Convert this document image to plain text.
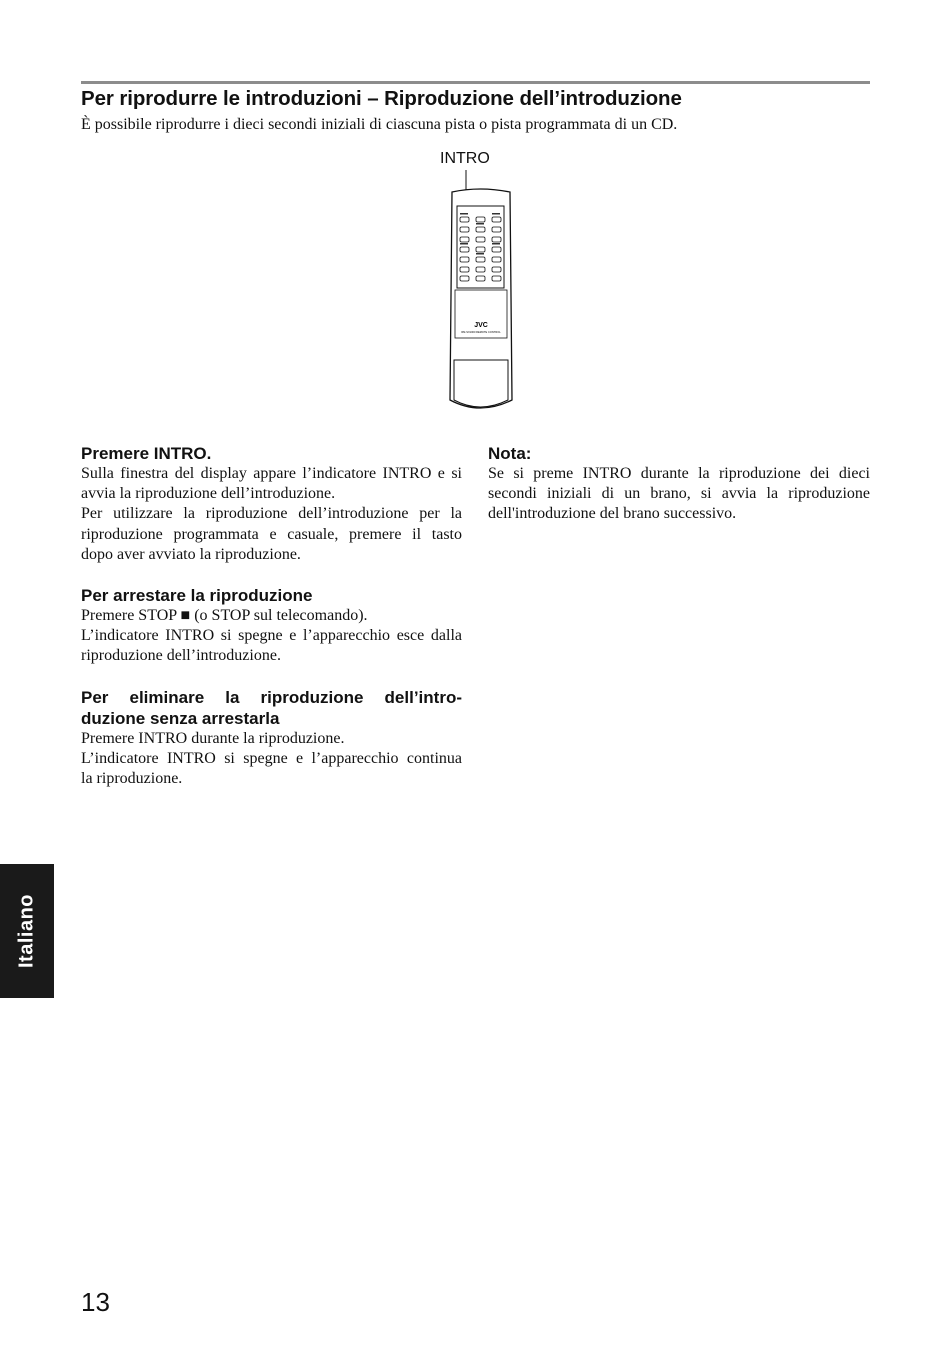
Per riprodurre le introduzioni – Riproduzione dell’introduzione
È possibile riprodurre i dieci secondi iniziali di ciascuna pista o pista programmata di un CD.
INTRO
JVC
RM-SX1000 REMOTE CONTROL
Premere INTRO.

Sulla finestra del display appare l’indicatore INTRO e si

avvia la riproduzione dell’introduzione.

Per utilizzare la riproduzione dell’introduzione per la

riproduzione programmata e casuale, premere il tasto

dopo aver avviato la riproduzione.

Per arrestare la riproduzione

Premere STOP ■ (o STOP sul telecomando).

L’indicatore INTRO si spegne e l’apparecchio esce dalla

riproduzione dell’introduzione.

Per eliminare la riproduzione dell’intro-
duzione senza arrestarla

Premere INTRO durante la riproduzione.

L’indicatore INTRO si spegne e l’apparecchio continua

la riproduzione.

Nota:

Se si preme INTRO durante la riproduzione dei dieci

secondi iniziali di un brano, si avvia la riproduzione

dell'introduzione del brano successivo.

Italiano
13
